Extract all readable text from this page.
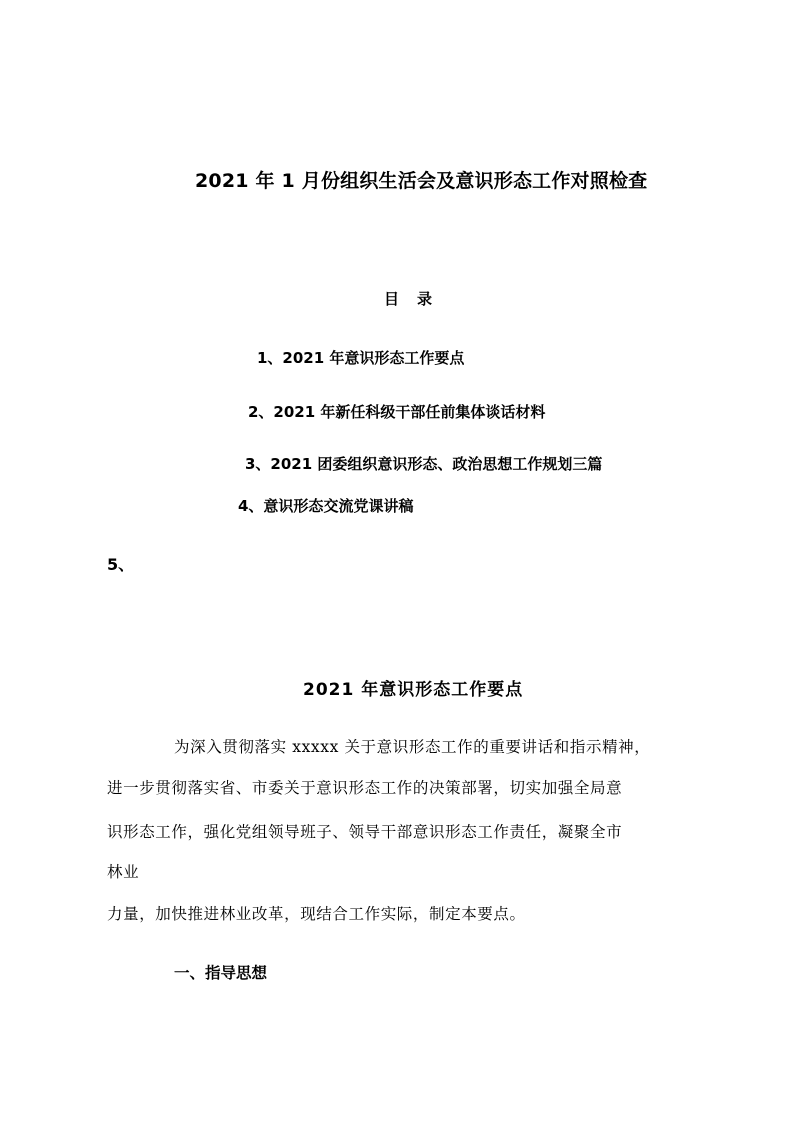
2021 年 1 月份组织生活会及意识形态工作对照检查
目录
1、2021 年意识形态工作要点
2、2021 年新任科级干部任前集体谈话材料
3、2021 团委组织意识形态、政治思想工作规划三篇
4、意识形态交流党课讲稿
5、
2021 年意识形态工作要点

为深入贯彻落实 xxxxx 关于意识形态工作的重要讲话和指示精神，

进一步贯彻落实省、市委关于意识形态工作的决策部署，切实加强全局意

识形态工作，强化党组领导班子、领导干部意识形态工作责任，凝聚全市

林业

力量，加快推进林业改革，现结合工作实际，制定本要点。

一、指导思想
